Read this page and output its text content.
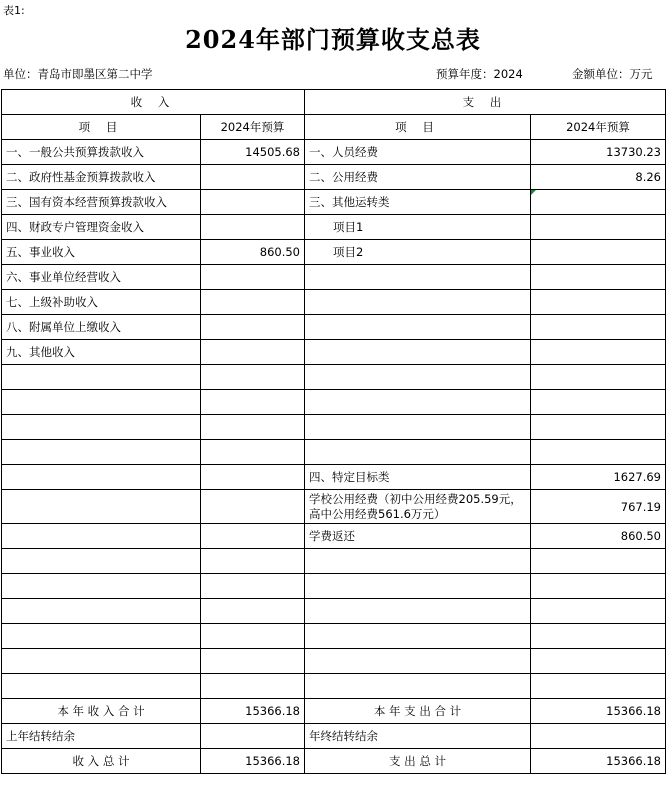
表1:
2024年部门预算收支总表
单位：青岛市即墨区第二中学	预算年度：2024	金额单位：万元
收 入		支 出	
项 目	2024年预算	项 目	2024年预算
一、一般公共预算拨款收入	14505.68	一、人员经费	13730.23
二、政府性基金预算拨款收入		二、公用经费	8.26
三、国有资本经营预算拨款收入		三、其他运转类	
四、财政专户管理资金收入		项目1	
五、事业收入	860.50	项目2	
六、事业单位经营收入			
七、上级补助收入			
八、附属单位上缴收入			
九、其他收入			

		四、特定目标类	1627.69
		学校公用经费（初中公用经费205.59元，高中公用经费561.6万元）	767.19
		学费返还	860.50

本 年 收 入 合 计	15366.18	本 年 支 出 合 计	15366.18
上年结转结余		年终结转结余	
收 入 总 计	15366.18	支 出 总 计	15366.18
